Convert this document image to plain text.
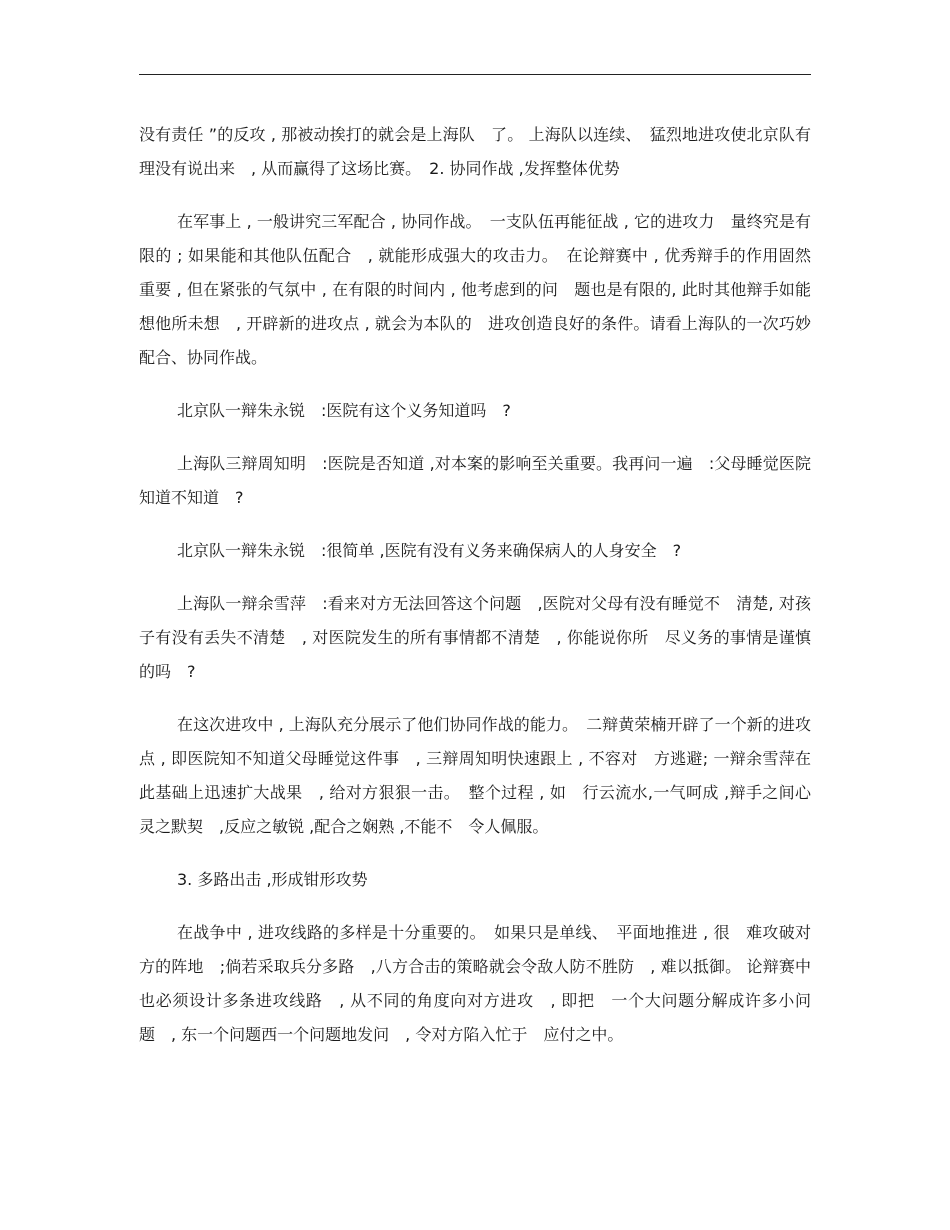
没有责任 ”的反攻 , 那被动挨打的就会是上海队　了。 上海队以连续、　猛烈地进攻使北京队有理没有说出来　, 从而赢得了这场比赛。　2. 协同作战 ,发挥整体优势

在军事上 , 一般讲究三军配合 , 协同作战。　一支队伍再能征战 , 它的进攻力　量终究是有限的 ; 如果能和其他队伍配合　, 就能形成强大的攻击力。　在论辩赛中 , 优秀辩手的作用固然重要 , 但在紧张的气氛中 , 在有限的时间内 , 他考虑到的问　题也是有限的, 此时其他辩手如能想他所未想　, 开辟新的进攻点 , 就会为本队的　进攻创造良好的条件。请看上海队的一次巧妙配合、协同作战。

北京队一辩朱永锐　:医院有这个义务知道吗　?

上海队三辩周知明　:医院是否知道 ,对本案的影响至关重要。我再问一遍　:父母睡觉医院知道不知道　?

北京队一辩朱永锐　:很简单 ,医院有没有义务来确保病人的人身安全　?

上海队一辩余雪萍　:看来对方无法回答这个问题　,医院对父母有没有睡觉不　清楚, 对孩子有没有丢失不清楚　, 对医院发生的所有事情都不清楚　, 你能说你所　尽义务的事情是谨慎的吗　?

在这次进攻中 , 上海队充分展示了他们协同作战的能力。　二辩黄荣楠开辟了一个新的进攻点 , 即医院知不知道父母睡觉这件事　, 三辩周知明快速跟上 , 不容对　方逃避; 一辩余雪萍在此基础上迅速扩大战果　, 给对方狠狠一击。　整个过程 , 如　行云流水,一气呵成 ,辩手之间心灵之默契　,反应之敏锐 ,配合之娴熟 ,不能不　令人佩服。

3. 多路出击 ,形成钳形攻势

在战争中 , 进攻线路的多样是十分重要的。　如果只是单线、　平面地推进 , 很　难攻破对方的阵地　;倘若采取兵分多路　,八方合击的策略就会令敌人防不胜防　, 难以抵御。 论辩赛中也必须设计多条进攻线路　, 从不同的角度向对方进攻　, 即把　一个大问题分解成许多小问题　, 东一个问题西一个问题地发问　, 令对方陷入忙于　应付之中。
